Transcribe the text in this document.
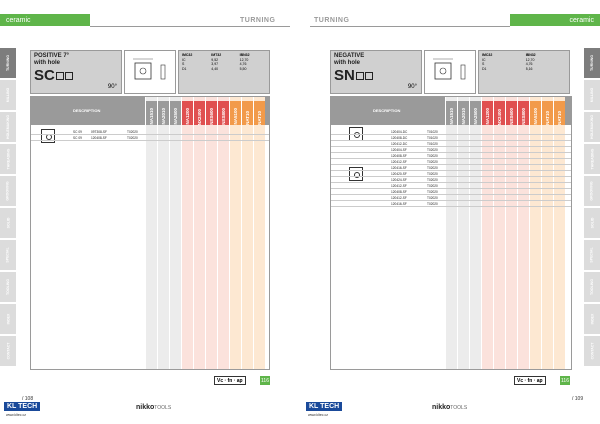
ceramic	TURNING
TURNING
MILLING
HOLEMAKING
THREADING
GROOVING
SOLID
SPECIAL
TOOLING
INDEX
CONTACT
POSITIVE 7°
with hole
SC
90°
IMC32	IMT32	IBN32
IC	9,52	12,70
S	3,97	4,76
D1	4,40	5,50
DESCRIPTION	NA1510 NA2010 NA2500 NA1200 NX2400 NXS600 NXS800 NA5100 NAT10 NAT10
SC 09	09T308-SF	T02020
SC 09	120408-SF	T02020
Vc · fn · ap	116
/ 108
KL TECH
www.kltec.cz
nikkoTOOLS
TURNING	ceramic
TURNING
MILLING
HOLEMAKING
THREADING
GROOVING
SOLID
SPECIAL
TOOLING
INDEX
CONTACT
NEGATIVE
with hole
SN
90°
IMC32	IBN32
IC	12,70
S	4,76
D1	5,16
DESCRIPTION	NA1510 NA2010 NA2500 NA1200 NX2400 NXS600 NXS800 NA5100 NAT10 NAT10
120404-DC	T01020
120408-DC	T01020
120412-DC	T01020
120404-SF	T02020
120408-SF	T02020
120412-SF	T02020
120416-SF	T02020
120420-SF	T02020
120424-SF	T02020
120412-SF	T02020
120408-SF	T02020
120412-SF	T02020
120416-SF	T02020
Vc · fn · ap	116
/ 109
KL TECH
www.kltec.cz
nikkoTOOLS
